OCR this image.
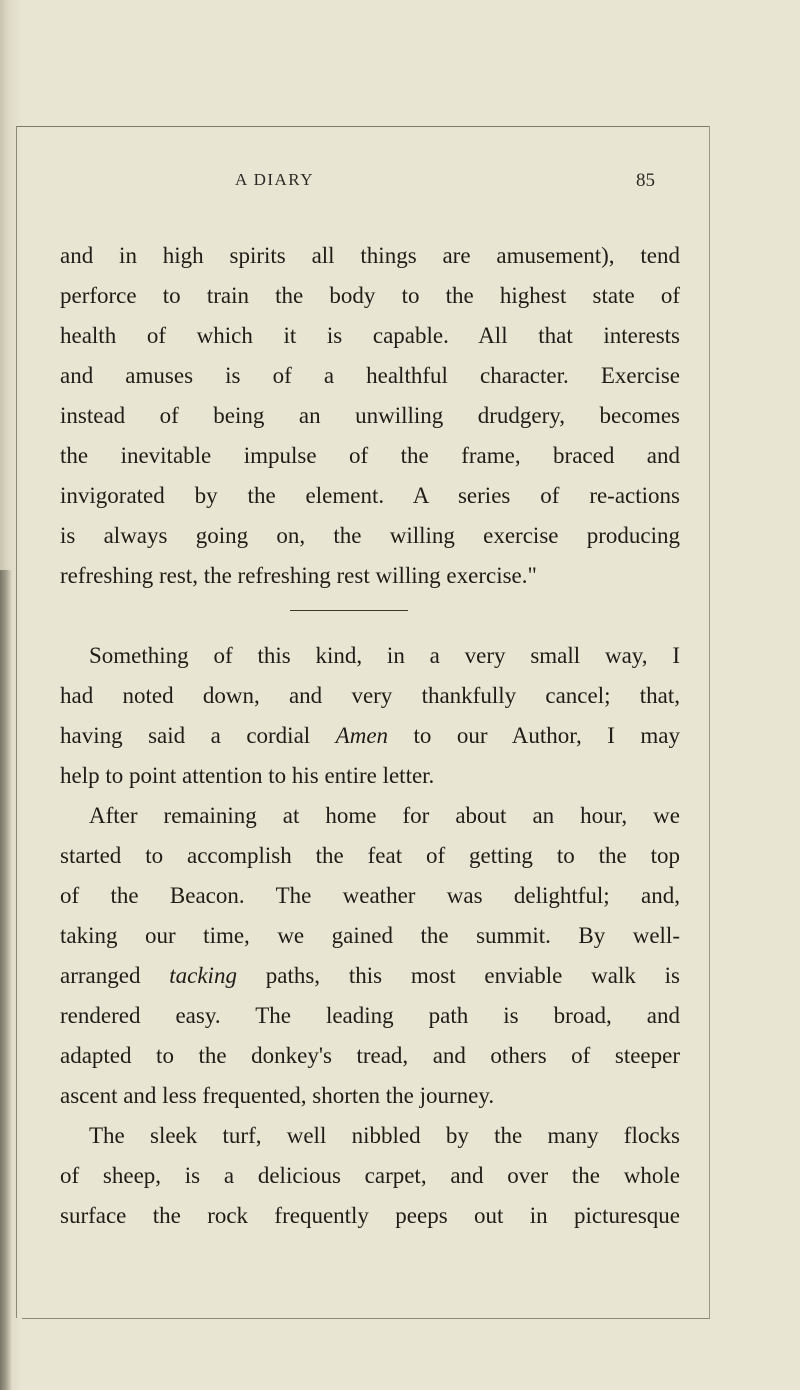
A DIARY	85
and in high spirits all things are amusement), tend
perforce to train the body to the highest state of
health of which it is capable. All that interests
and amuses is of a healthful character. Exercise
instead of being an unwilling drudgery, becomes
the inevitable impulse of the frame, braced and
invigorated by the element. A series of re-actions
is always going on, the willing exercise producing
refreshing rest, the refreshing rest willing exercise."
Something of this kind, in a very small way, I
had noted down, and very thankfully cancel; that,
having said a cordial Amen to our Author, I may
help to point attention to his entire letter.
After remaining at home for about an hour, we
started to accomplish the feat of getting to the top
of the Beacon. The weather was delightful; and,
taking our time, we gained the summit. By well-
arranged tacking paths, this most enviable walk is
rendered easy. The leading path is broad, and
adapted to the donkey's tread, and others of steeper
ascent and less frequented, shorten the journey.
The sleek turf, well nibbled by the many flocks
of sheep, is a delicious carpet, and over the whole
surface the rock frequently peeps out in picturesque
